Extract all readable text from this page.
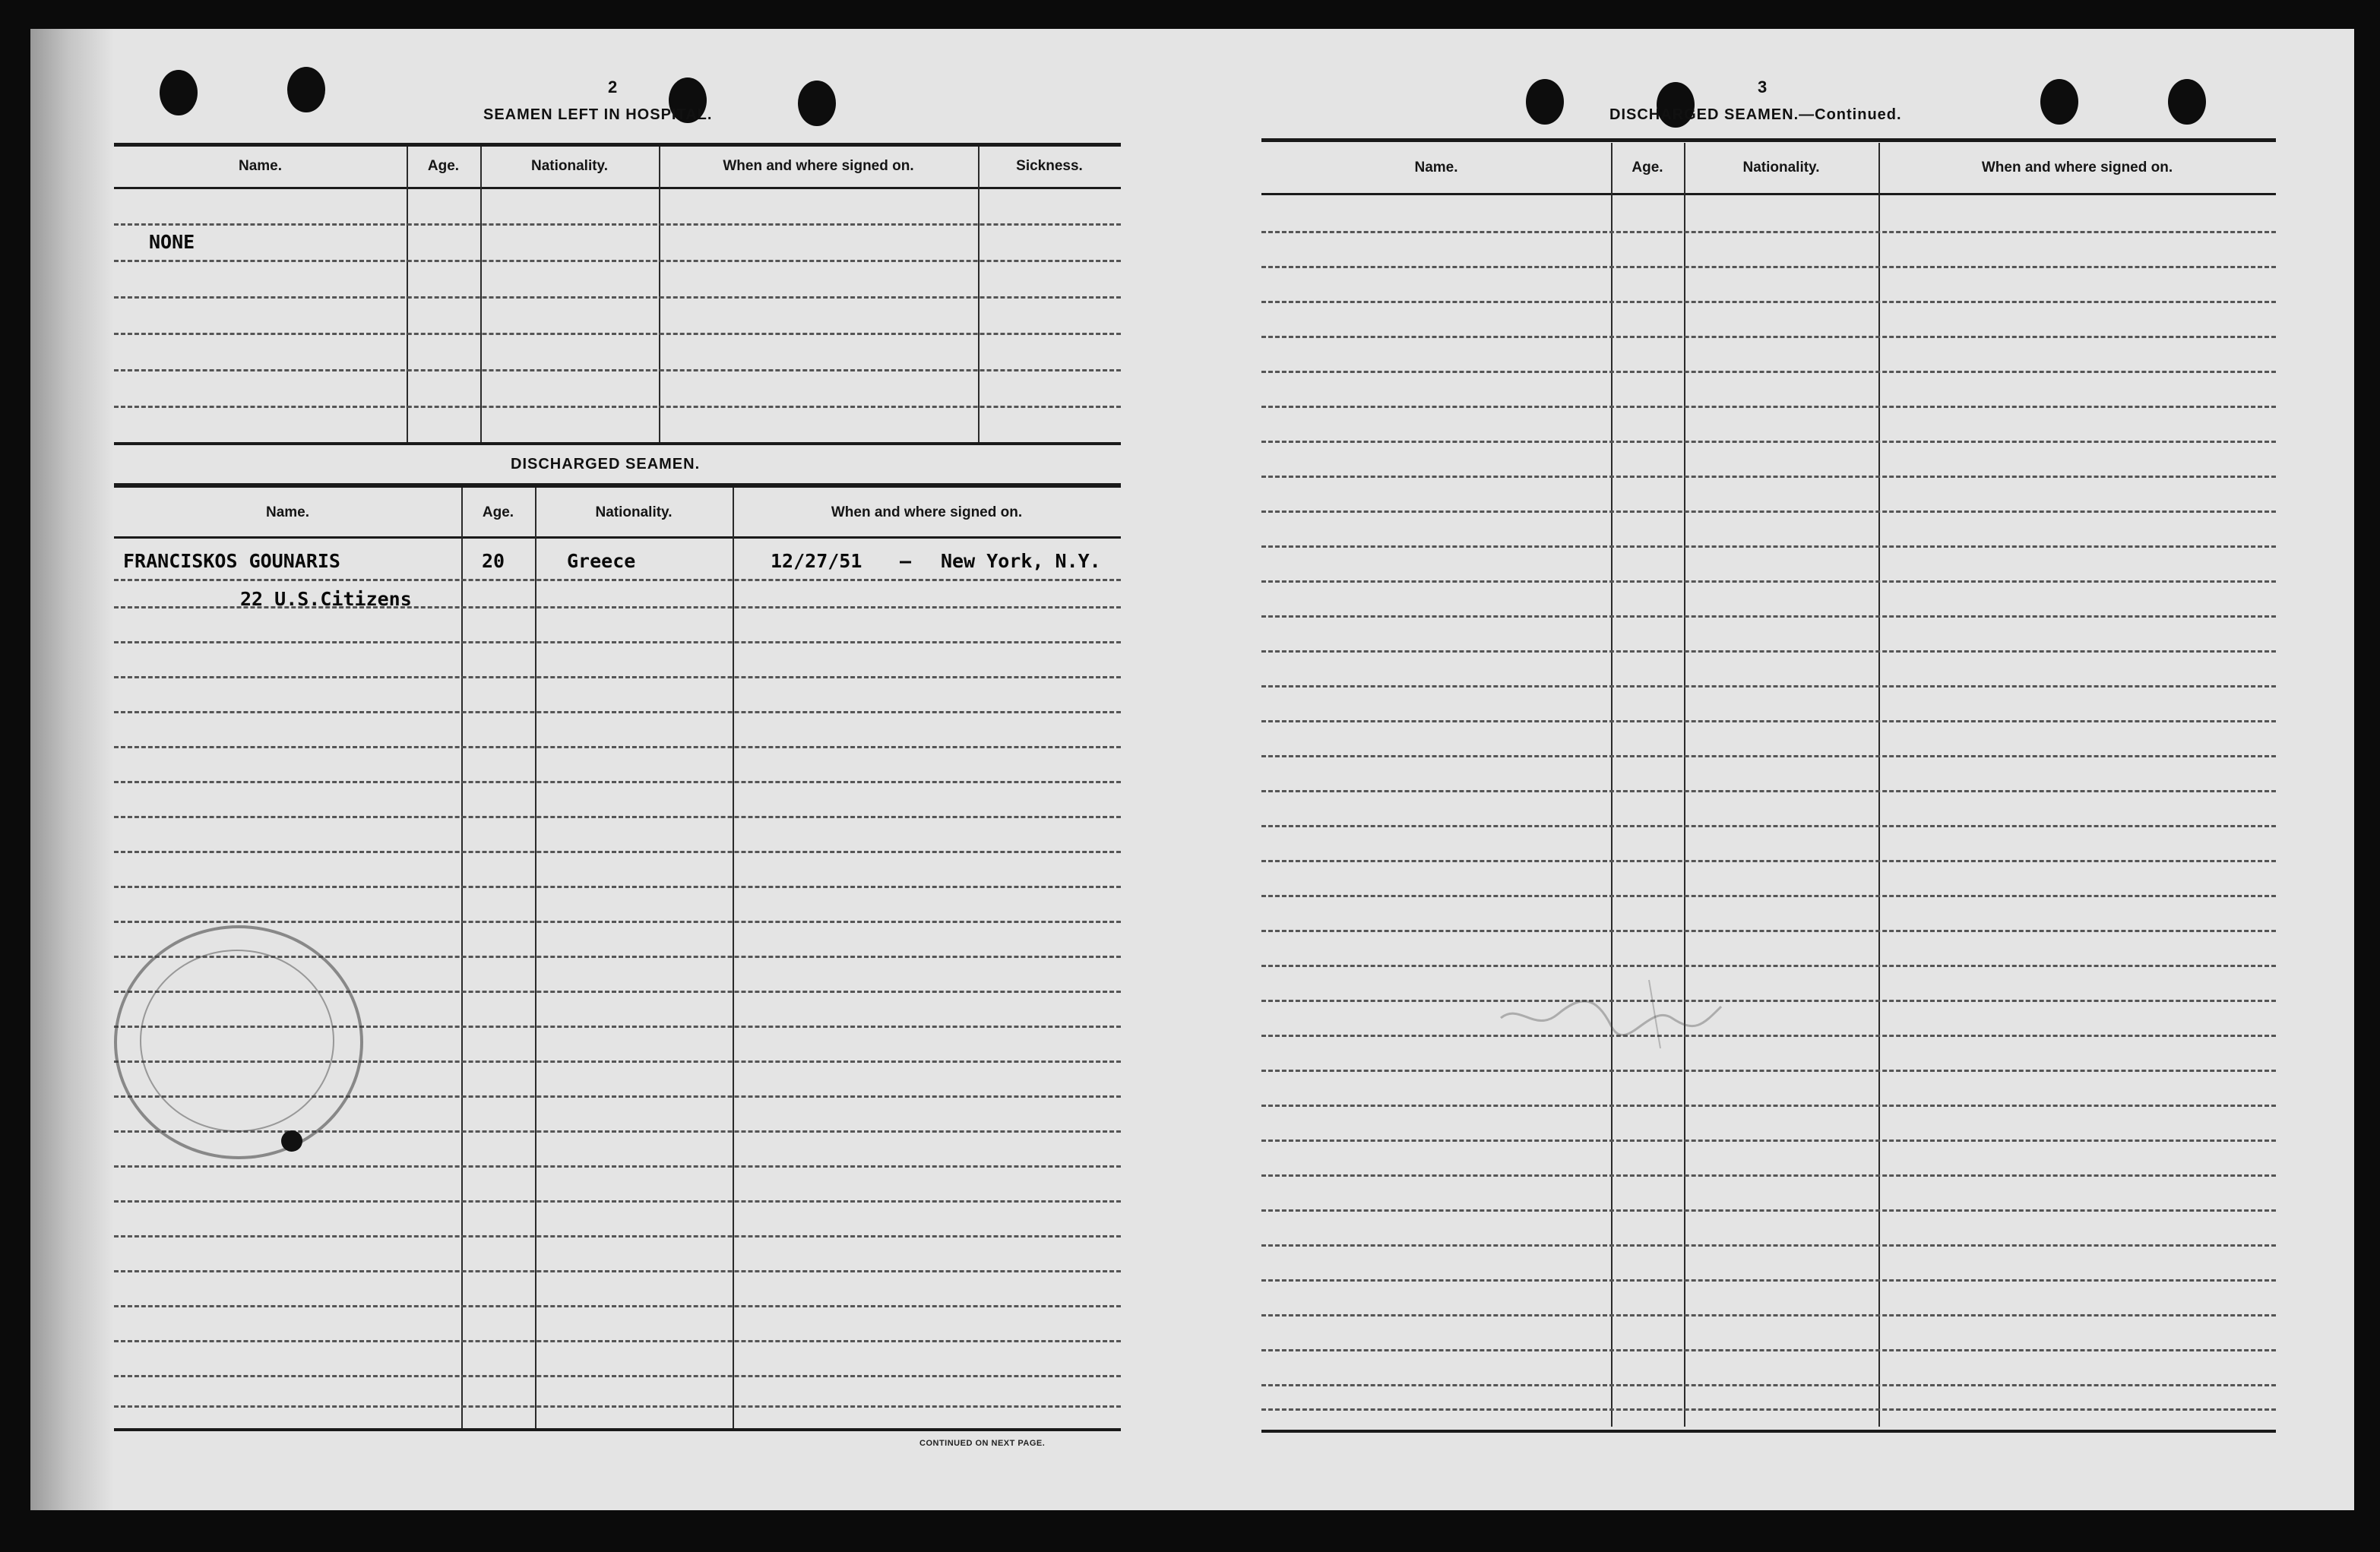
2
SEAMEN LEFT IN HOSPITAL.
Name.	Age.	Nationality.	When and where signed on.	Sickness.
NONE
DISCHARGED SEAMEN.
Name.	Age.	Nationality.	When and where signed on.
FRANCISKOS GOUNARIS	20	Greece	12/27/51 — New York, N.Y.
22 U.S.Citizens
CONTINUED ON NEXT PAGE.
3
DISCHARGED SEAMEN.—Continued.
Name.	Age.	Nationality.	When and where signed on.
